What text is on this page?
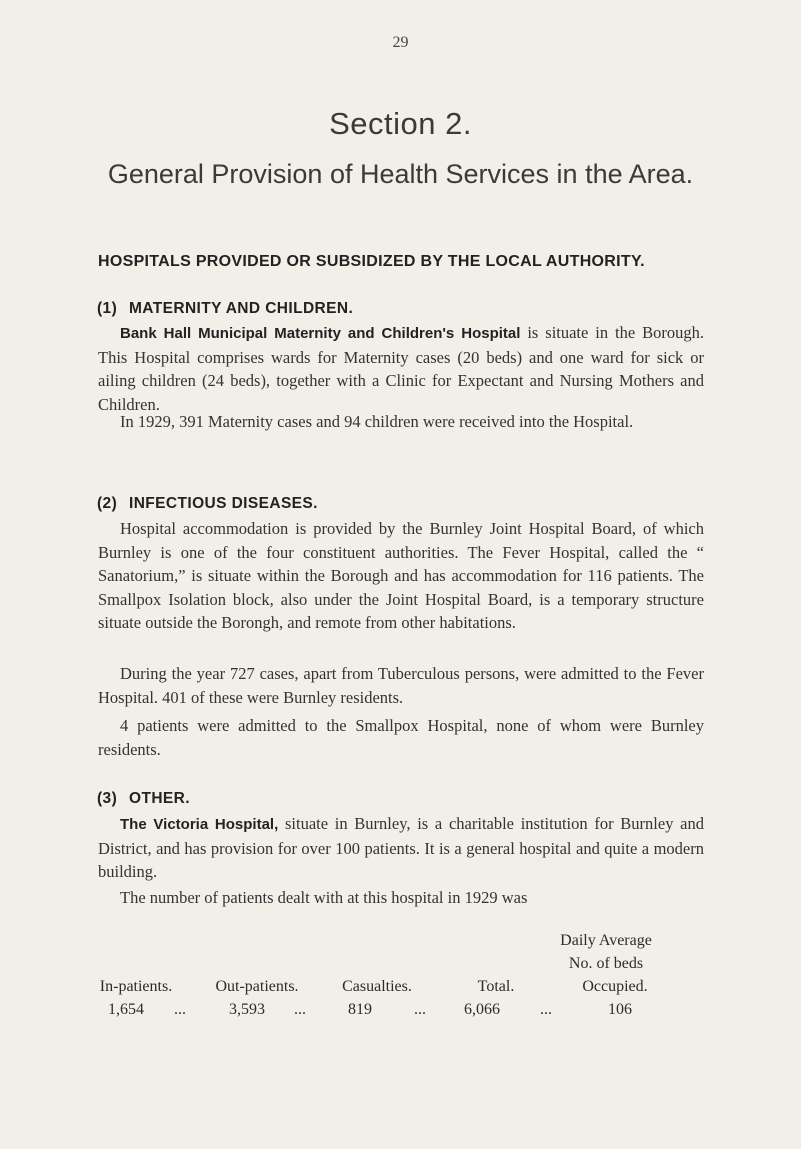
29
Section 2.
General Provision of Health Services in the Area.
HOSPITALS PROVIDED OR SUBSIDIZED BY THE LOCAL AUTHORITY.
(1) MATERNITY AND CHILDREN.
Bank Hall Municipal Maternity and Children's Hospital is situate in the Borough. This Hospital comprises wards for Maternity cases (20 beds) and one ward for sick or ailing children (24 beds), together with a Clinic for Expectant and Nursing Mothers and Children.
In 1929, 391 Maternity cases and 94 children were received into the Hospital.
(2) INFECTIOUS DISEASES.
Hospital accommodation is provided by the Burnley Joint Hospital Board, of which Burnley is one of the four constituent authorities. The Fever Hospital, called the “ Sanatorium,” is situate within the Borough and has accommodation for 116 patients. The Smallpox Isolation block, also under the Joint Hospital Board, is a temporary structure situate outside the Borongh, and remote from other habitations.
During the year 727 cases, apart from Tuberculous persons, were admitted to the Fever Hospital. 401 of these were Burnley residents.
4 patients were admitted to the Smallpox Hospital, none of whom were Burnley residents.
(3) OTHER.
The Victoria Hospital, situate in Burnley, is a charitable institution for Burnley and District, and has provision for over 100 patients. It is a general hospital and quite a modern building.
The number of patients dealt with at this hospital in 1929 was
Daily Average
No. of beds
In-patients.	Out-patients.	Casualties.	Total.	Occupied.
1,654	...	3,593	...	819	...	6,066	...	106
